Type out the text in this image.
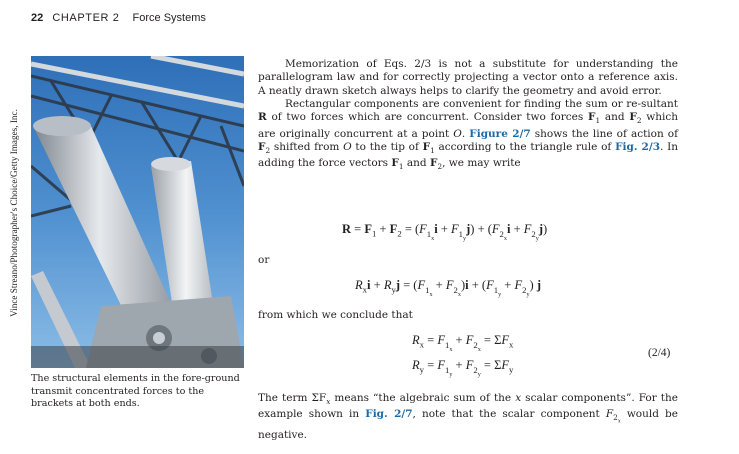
22 CHAPTER 2 Force Systems
Vince Streano/Photographer's Choice/Getty Images, Inc.
The structural elements in the fore-ground transmit concentrated forces to the brackets at both ends.

Memorization of Eqs. 2/3 is not a substitute for understanding the parallelogram law and for correctly projecting a vector onto a reference axis. A neatly drawn sketch always helps to clarify the geometry and avoid error.

Rectangular components are convenient for finding the sum or re-sultant R of two forces which are concurrent. Consider two forces $F_1$ and $F_2$ which are originally concurrent at a point O. Figure 2/7 shows the line of action of $F_2$ shifted from O to the tip of $F_1$ according to the triangle rule of Fig. 2/3. In adding the force vectors $F_1$ and $F_2$, we may write

$R = F_1 + F_2 = (F_{1_x}i + F_{1_y}j) + (F_{2_x}i + F_{2_y}j)$
or
$R_xi + R_yj = (F_{1_x} + F_{2_x})i + (F_{1_y} + F_{2_y})$ j
from which we conclude that
$R_x = F_{1_x} + F_{2_x} = \Sigma F_x$
$R_y = F_{1_y} + F_{2_y} = \Sigma F_y$
(2/4)

The term $\Sigma F_x$ means “the algebraic sum of the x scalar components”. For the example shown in Fig. 2/7, note that the scalar component $F_{2_x}$ would be negative.
